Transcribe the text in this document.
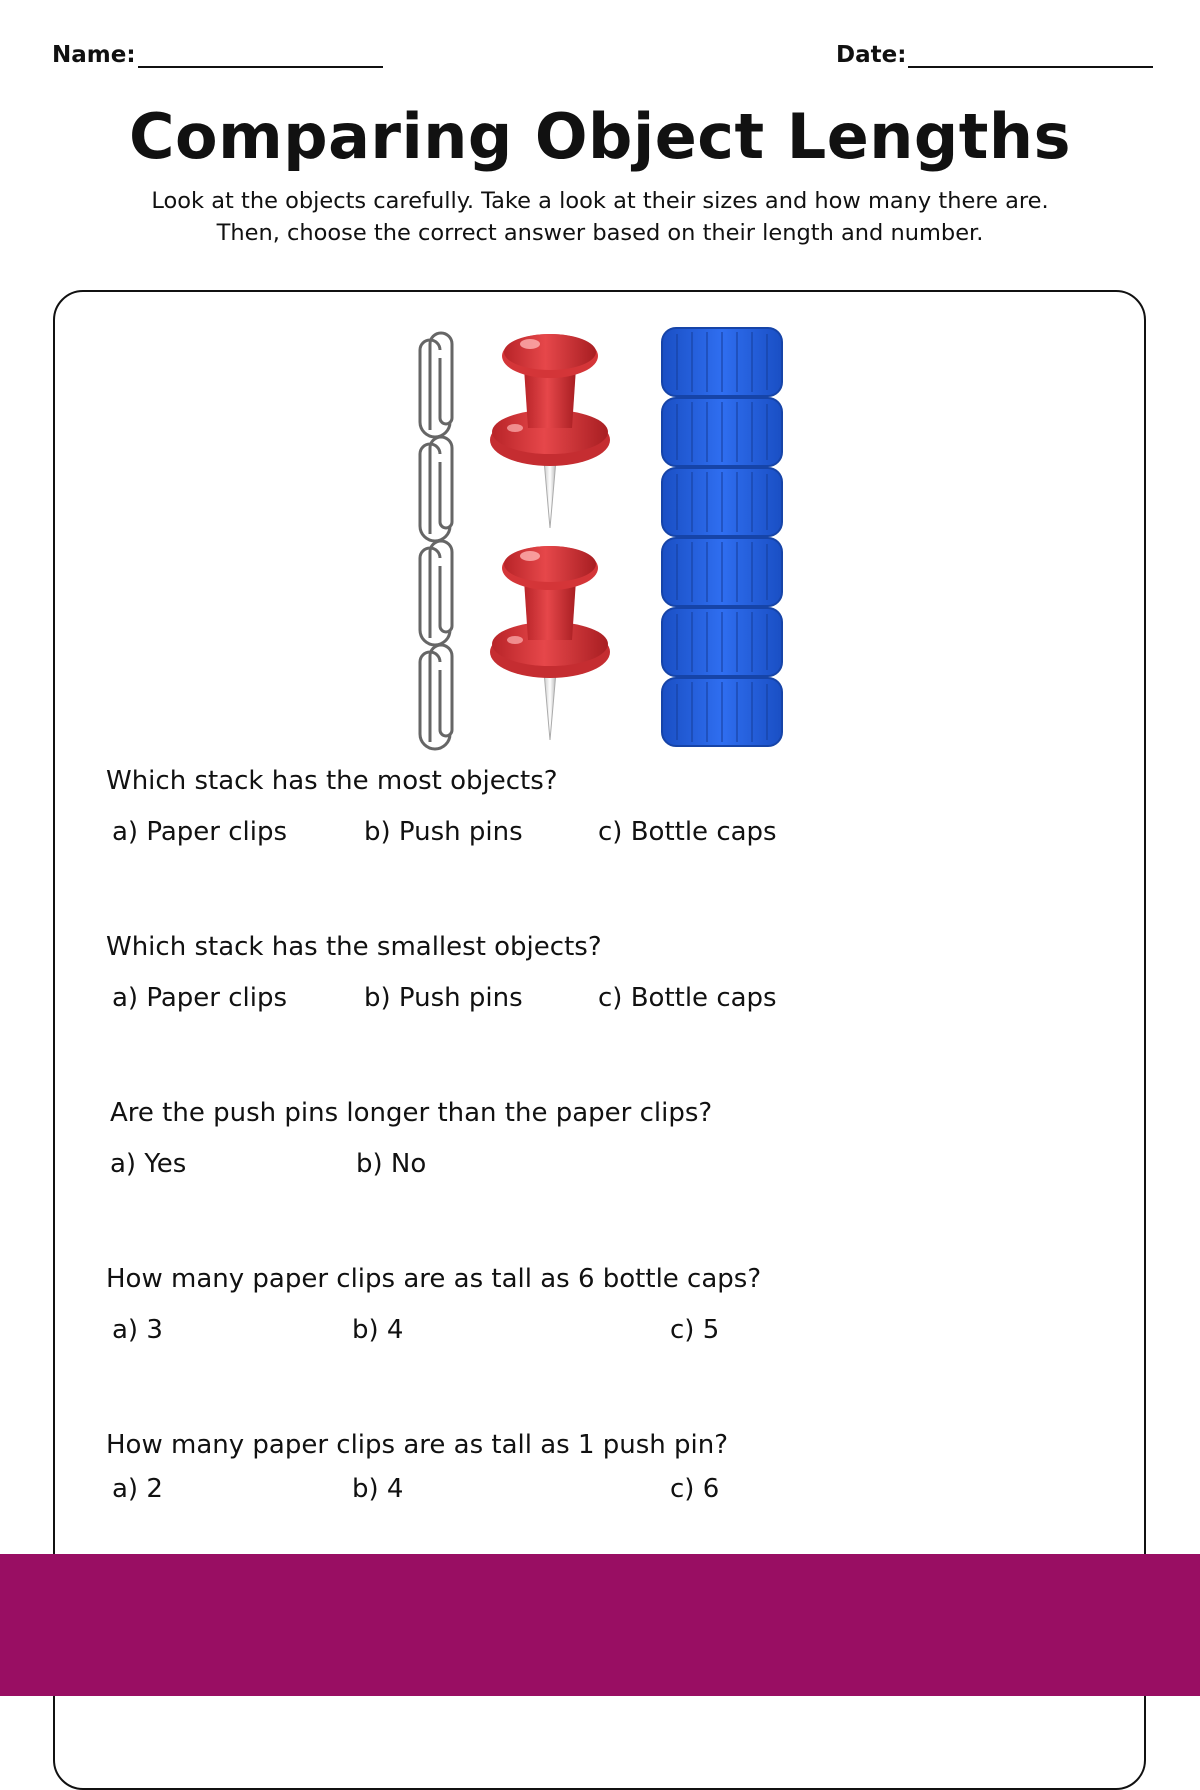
Name:	Date:
Comparing Object Lengths
Look at the objects carefully. Take a look at their sizes and how many there are.
Then, choose the correct answer based on their length and number.
Which stack has the most objects?
a) Paper clips	b) Push pins	c) Bottle caps
Which stack has the smallest objects?
a) Paper clips	b) Push pins	c) Bottle caps
Are the push pins longer than the paper clips?
a) Yes	b) No
How many paper clips are as tall as 6 bottle caps?
a) 3	b) 4	c) 5
How many paper clips are as tall as 1 push pin?
a) 2	b) 4	c) 6
